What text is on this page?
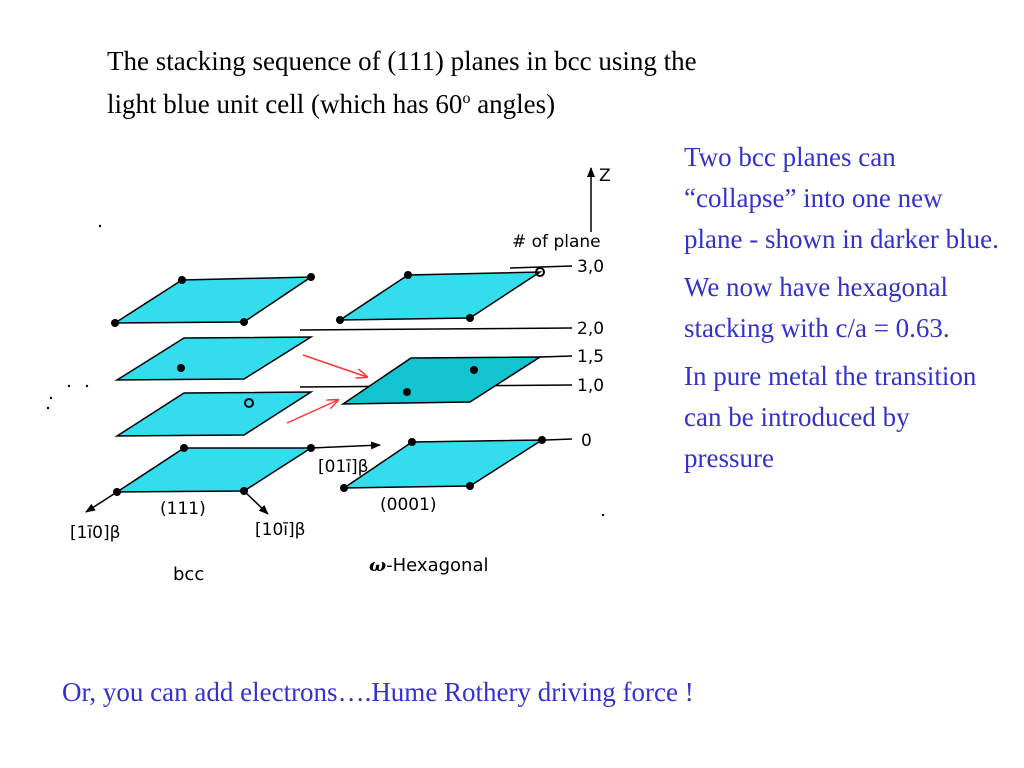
The stacking sequence of (111) planes in bcc using the
light blue unit cell (which has 60$^o$ angles)

Two bcc planes can “collapse” into one new plane - shown in darker blue.

We now have hexagonal stacking with c/a = 0.63.

In pure metal the transition can be introduced by pressure

Or, you can add electrons….Hume Rothery driving force !
Z
# of plane
3,0
2,0
1,5
1,0
0
(111)	(0001)
[1ī0]β	[10ī]β
[01ī]β
bcc	ω-Hexagonal
